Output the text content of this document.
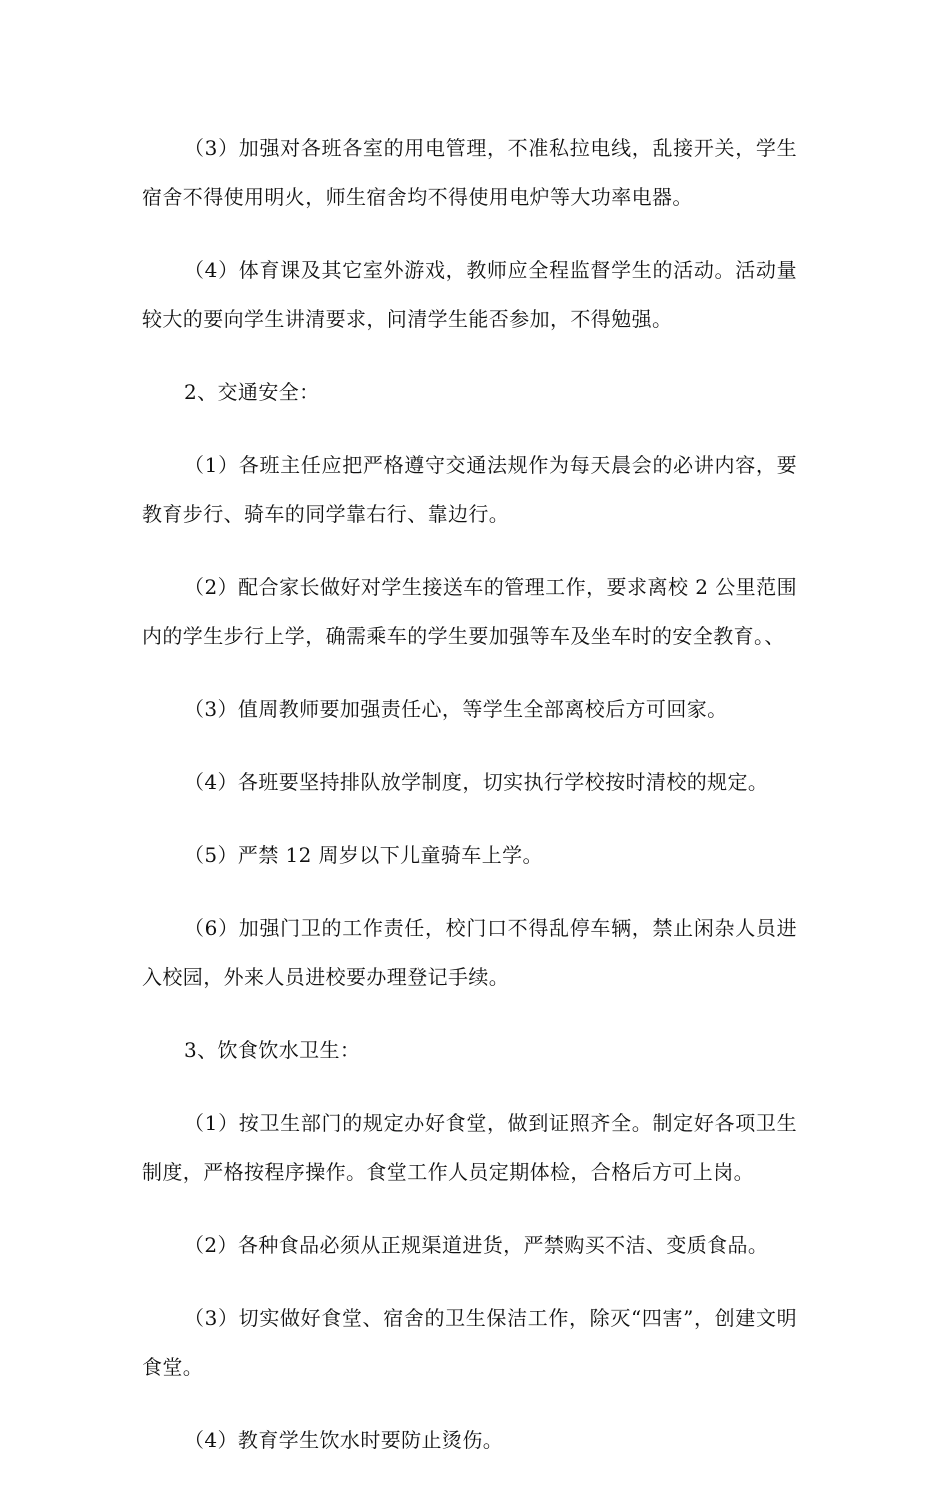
（3）加强对各班各室的用电管理，不准私拉电线，乱接开关，学生宿舍不得使用明火，师生宿舍均不得使用电炉等大功率电器。

（4）体育课及其它室外游戏，教师应全程监督学生的活动。活动量较大的要向学生讲清要求，问清学生能否参加，不得勉强。

2、交通安全：

（1）各班主任应把严格遵守交通法规作为每天晨会的必讲内容，要教育步行、骑车的同学靠右行、靠边行。

（2）配合家长做好对学生接送车的管理工作，要求离校 2 公里范围内的学生步行上学，确需乘车的学生要加强等车及坐车时的安全教育。、

（3）值周教师要加强责任心，等学生全部离校后方可回家。

（4）各班要坚持排队放学制度，切实执行学校按时清校的规定。

（5）严禁 12 周岁以下儿童骑车上学。

（6）加强门卫的工作责任，校门口不得乱停车辆，禁止闲杂人员进入校园，外来人员进校要办理登记手续。

3、饮食饮水卫生：

（1）按卫生部门的规定办好食堂，做到证照齐全。制定好各项卫生制度，严格按程序操作。食堂工作人员定期体检，合格后方可上岗。

（2）各种食品必须从正规渠道进货，严禁购买不洁、变质食品。

（3）切实做好食堂、宿舍的卫生保洁工作，除灭“四害”，创建文明食堂。

（4）教育学生饮水时要防止烫伤。
